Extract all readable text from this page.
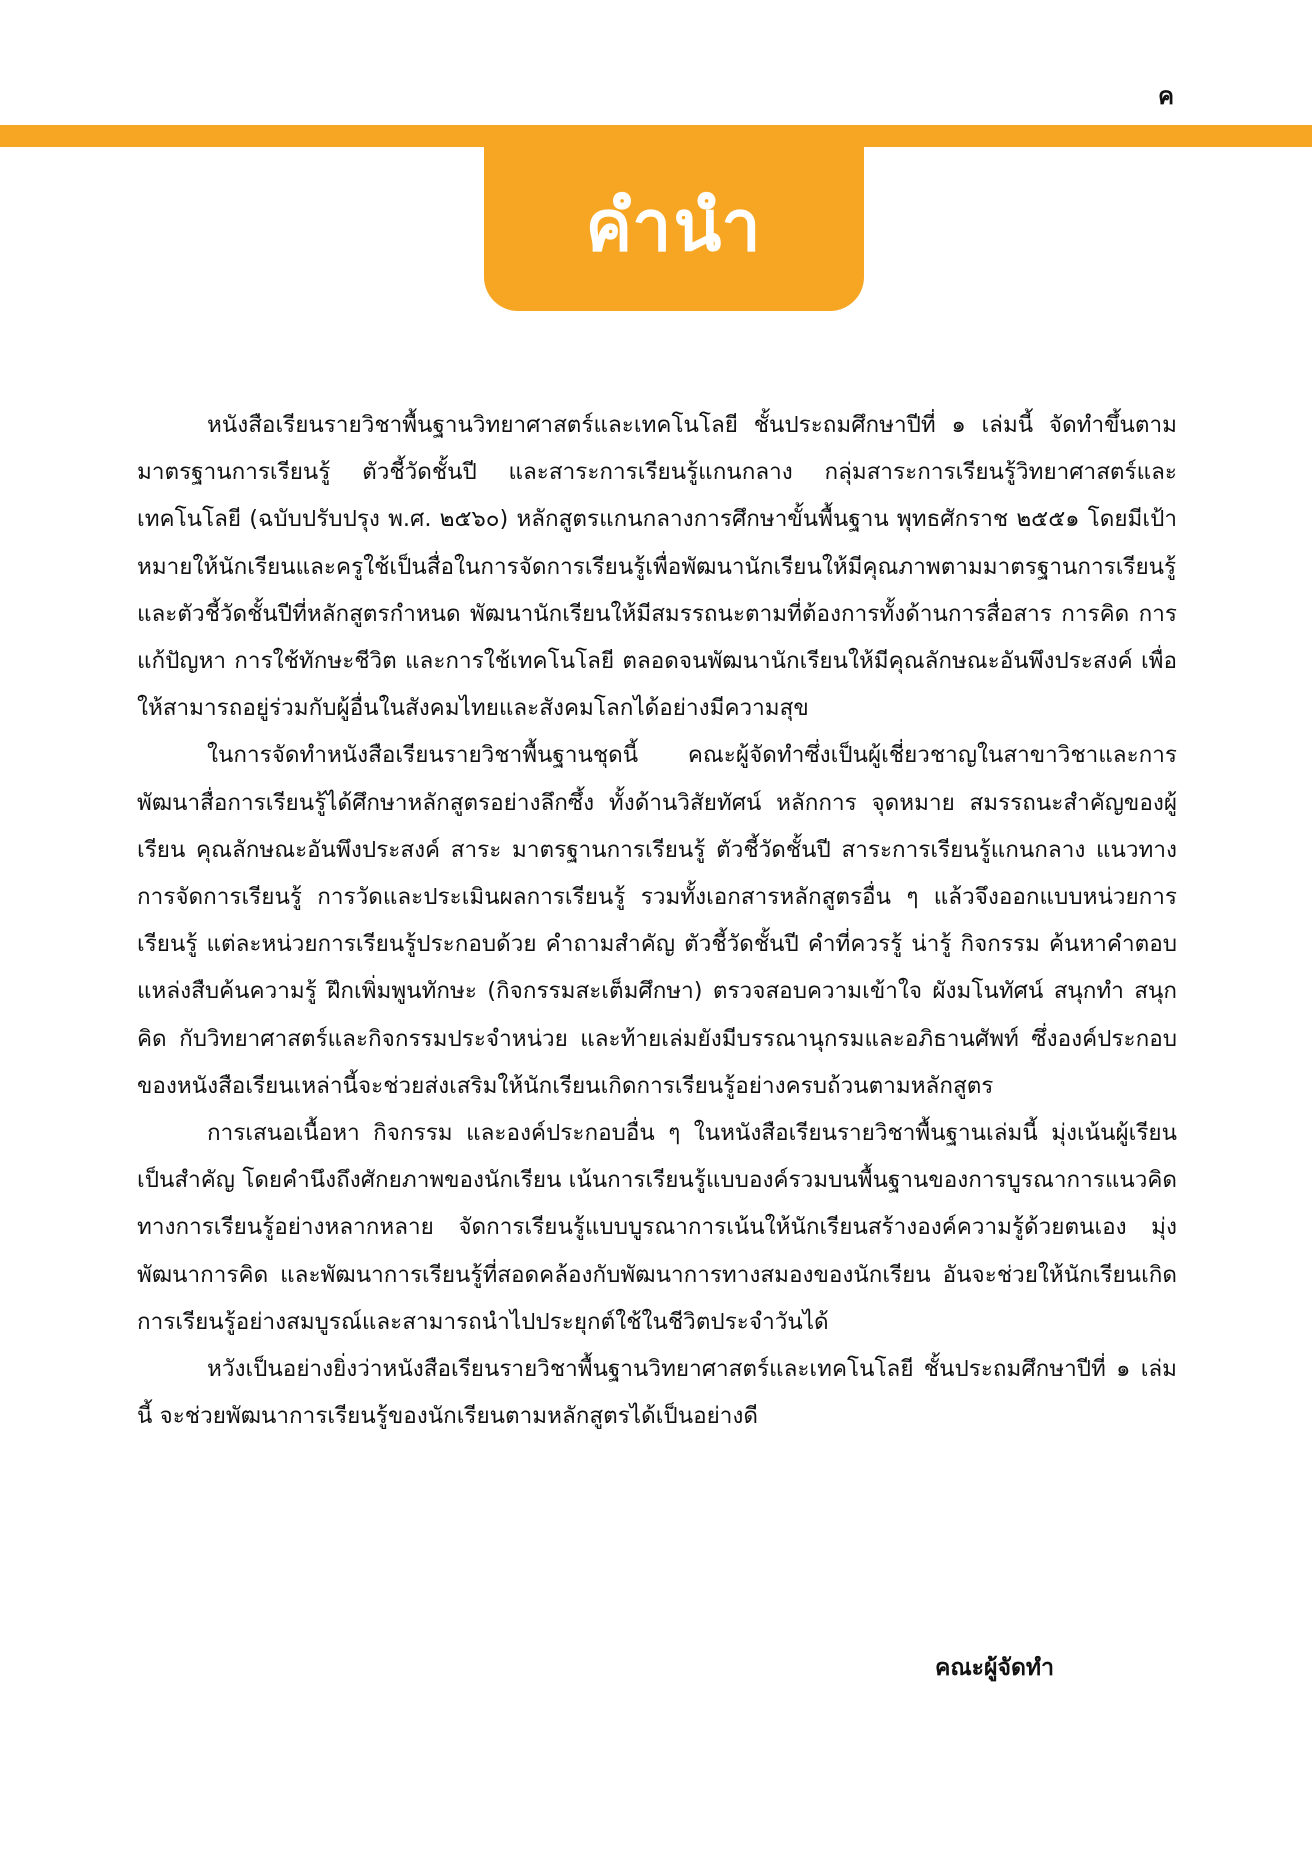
ค
คำนำ

หนังสือเรียนรายวิชาพื้นฐานวิทยาศาสตร์และเทคโนโลยี ชั้นประถมศึกษาปีที่ ๑ เล่มนี้ จัดทำขึ้นตามมาตรฐานการเรียนรู้ ตัวชี้วัดชั้นปี และสาระการเรียนรู้แกนกลาง กลุ่มสาระการเรียนรู้วิทยาศาสตร์และเทคโนโลยี (ฉบับปรับปรุง พ.ศ. ๒๕๖๐) หลักสูตรแกนกลางการศึกษาขั้นพื้นฐาน พุทธศักราช ๒๕๕๑ โดยมีเป้าหมายให้นักเรียนและครูใช้เป็นสื่อในการจัดการเรียนรู้เพื่อพัฒนานักเรียนให้มีคุณภาพตามมาตรฐานการเรียนรู้และตัวชี้วัดชั้นปีที่หลักสูตรกำหนด พัฒนานักเรียนให้มีสมรรถนะตามที่ต้องการทั้งด้านการสื่อสาร การคิด การแก้ปัญหา การใช้ทักษะชีวิต และการใช้เทคโนโลยี ตลอดจนพัฒนานักเรียนให้มีคุณลักษณะอันพึงประสงค์ เพื่อให้สามารถอยู่ร่วมกับผู้อื่นในสังคมไทยและสังคมโลกได้อย่างมีความสุข

ในการจัดทำหนังสือเรียนรายวิชาพื้นฐานชุดนี้ คณะผู้จัดทำซึ่งเป็นผู้เชี่ยวชาญในสาขาวิชาและการพัฒนาสื่อการเรียนรู้ได้ศึกษาหลักสูตรอย่างลึกซึ้ง ทั้งด้านวิสัยทัศน์ หลักการ จุดหมาย สมรรถนะสำคัญของผู้เรียน คุณลักษณะอันพึงประสงค์ สาระ มาตรฐานการเรียนรู้ ตัวชี้วัดชั้นปี สาระการเรียนรู้แกนกลาง แนวทางการจัดการเรียนรู้ การวัดและประเมินผลการเรียนรู้ รวมทั้งเอกสารหลักสูตรอื่น ๆ แล้วจึงออกแบบหน่วยการเรียนรู้ แต่ละหน่วยการเรียนรู้ประกอบด้วย คำถามสำคัญ ตัวชี้วัดชั้นปี คำที่ควรรู้ น่ารู้ กิจกรรม ค้นหาคำตอบ แหล่งสืบค้นความรู้ ฝึกเพิ่มพูนทักษะ (กิจกรรมสะเต็มศึกษา) ตรวจสอบความเข้าใจ ผังมโนทัศน์ สนุกทำ สนุกคิด กับวิทยาศาสตร์และกิจกรรมประจำหน่วย และท้ายเล่มยังมีบรรณานุกรมและอภิธานศัพท์ ซึ่งองค์ประกอบของหนังสือเรียนเหล่านี้จะช่วยส่งเสริมให้นักเรียนเกิดการเรียนรู้อย่างครบถ้วนตามหลักสูตร

การเสนอเนื้อหา กิจกรรม และองค์ประกอบอื่น ๆ ในหนังสือเรียนรายวิชาพื้นฐานเล่มนี้ มุ่งเน้นผู้เรียนเป็นสำคัญ โดยคำนึงถึงศักยภาพของนักเรียน เน้นการเรียนรู้แบบองค์รวมบนพื้นฐานของการบูรณาการแนวคิดทางการเรียนรู้อย่างหลากหลาย จัดการเรียนรู้แบบบูรณาการเน้นให้นักเรียนสร้างองค์ความรู้ด้วยตนเอง มุ่งพัฒนาการคิด และพัฒนาการเรียนรู้ที่สอดคล้องกับพัฒนาการทางสมองของนักเรียน อันจะช่วยให้นักเรียนเกิดการเรียนรู้อย่างสมบูรณ์และสามารถนำไปประยุกต์ใช้ในชีวิตประจำวันได้

หวังเป็นอย่างยิ่งว่าหนังสือเรียนรายวิชาพื้นฐานวิทยาศาสตร์และเทคโนโลยี ชั้นประถมศึกษาปีที่ ๑ เล่มนี้ จะช่วยพัฒนาการเรียนรู้ของนักเรียนตามหลักสูตรได้เป็นอย่างดี

คณะผู้จัดทำ
